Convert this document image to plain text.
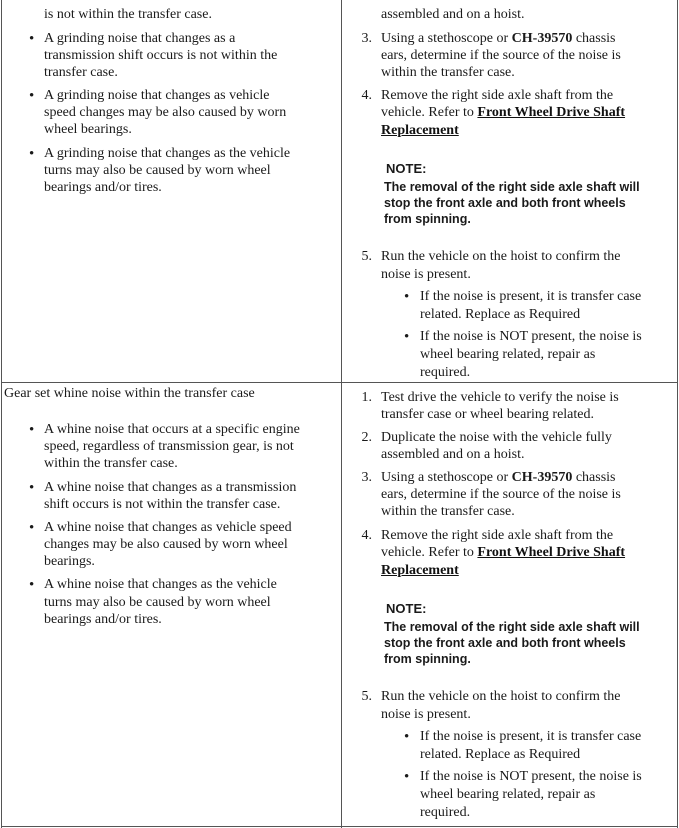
is not within the transfer case.
• A grinding noise that changes as a
transmission shift occurs is not within the
transfer case.
• A grinding noise that changes as vehicle
speed changes may be also caused by worn
wheel bearings.
• A grinding noise that changes as the vehicle
turns may also be caused by worn wheel
bearings and/or tires.
assembled and on a hoist.
3. Using a stethoscope or CH-39570 chassis
ears, determine if the source of the noise is
within the transfer case.
4. Remove the right side axle shaft from the
vehicle. Refer to Front Wheel Drive Shaft
Replacement
NOTE:
The removal of the right side axle shaft will
stop the front axle and both front wheels
from spinning.
5. Run the vehicle on the hoist to confirm the
noise is present.
• If the noise is present, it is transfer case
related. Replace as Required
• If the noise is NOT present, the noise is
wheel bearing related, repair as
required.
Gear set whine noise within the transfer case
• A whine noise that occurs at a specific engine
speed, regardless of transmission gear, is not
within the transfer case.
• A whine noise that changes as a transmission
shift occurs is not within the transfer case.
• A whine noise that changes as vehicle speed
changes may be also caused by worn wheel
bearings.
• A whine noise that changes as the vehicle
turns may also be caused by worn wheel
bearings and/or tires.
1. Test drive the vehicle to verify the noise is
transfer case or wheel bearing related.
2. Duplicate the noise with the vehicle fully
assembled and on a hoist.
3. Using a stethoscope or CH-39570 chassis
ears, determine if the source of the noise is
within the transfer case.
4. Remove the right side axle shaft from the
vehicle. Refer to Front Wheel Drive Shaft
Replacement
NOTE:
The removal of the right side axle shaft will
stop the front axle and both front wheels
from spinning.
5. Run the vehicle on the hoist to confirm the
noise is present.
• If the noise is present, it is transfer case
related. Replace as Required
• If the noise is NOT present, the noise is
wheel bearing related, repair as
required.
